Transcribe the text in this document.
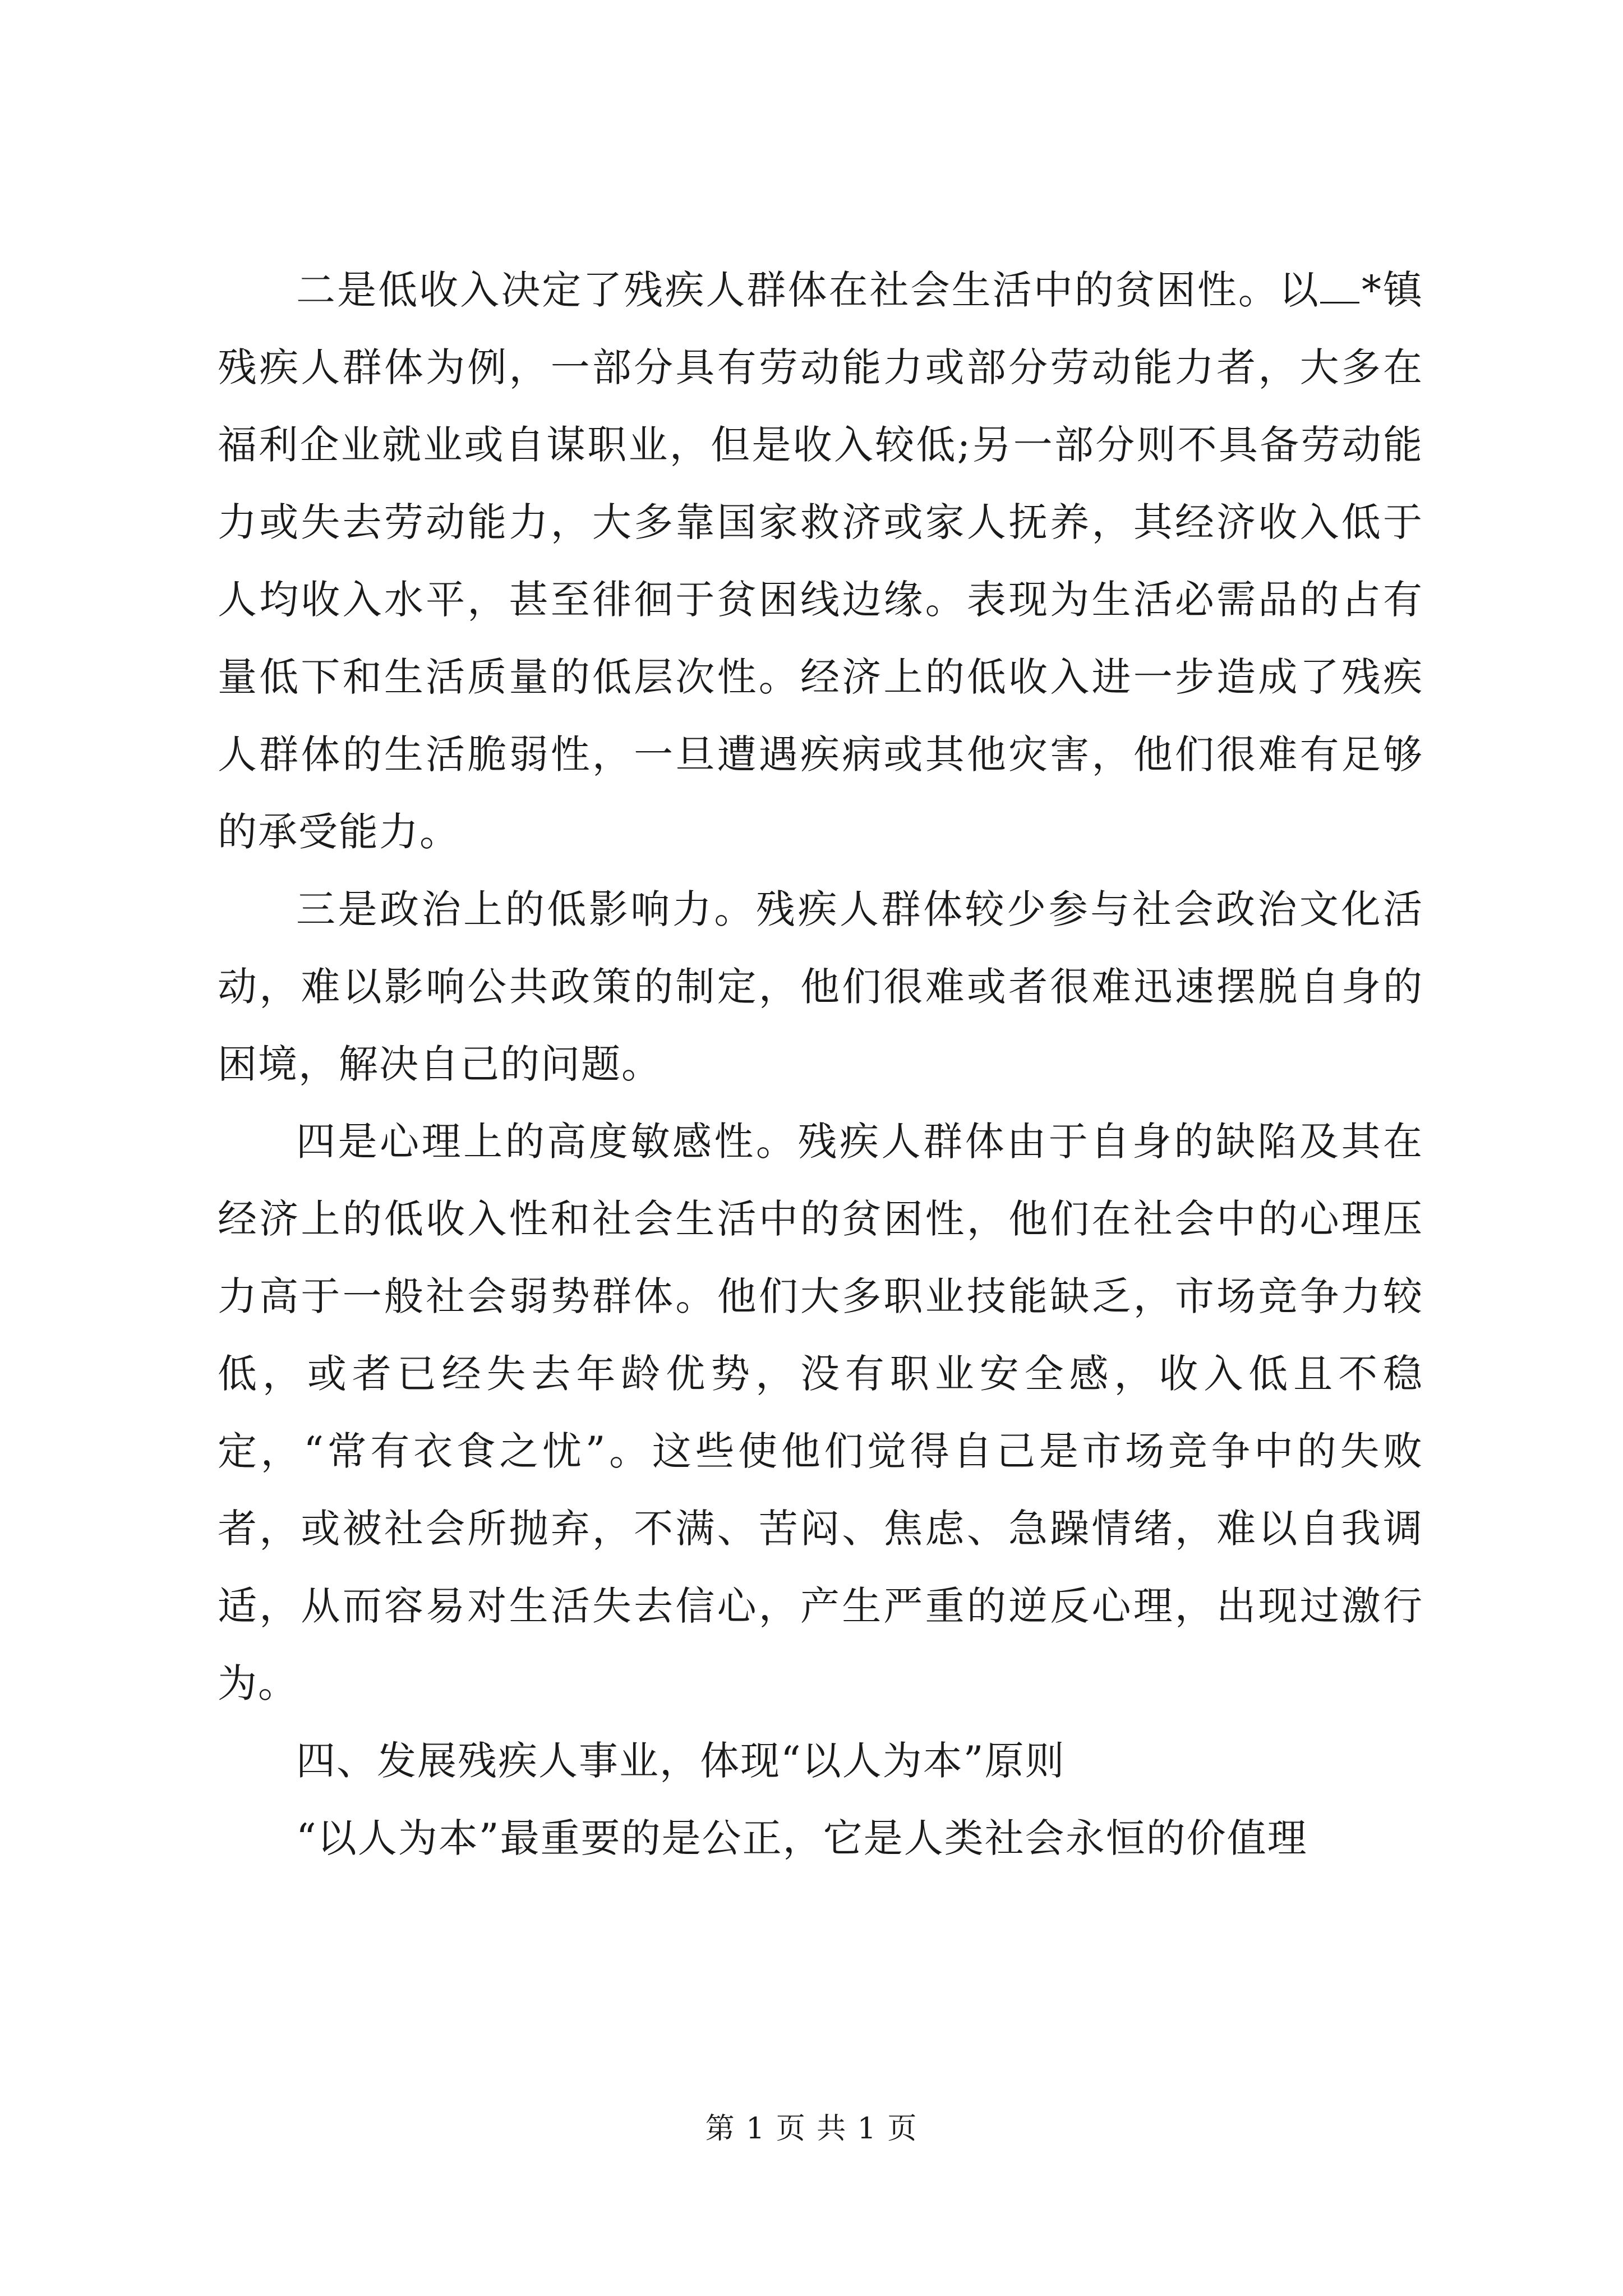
二是低收入决定了残疾人群体在社会生活中的贫困性。以 *镇残疾人群体为例，一部分具有劳动能力或部分劳动能力者，大多在福利企业就业或自谋职业，但是收入较低;另一部分则不具备劳动能力或失去劳动能力，大多靠国家救济或家人抚养，其经济收入低于人均收入水平，甚至徘徊于贫困线边缘。表现为生活必需品的占有量低下和生活质量的低层次性。经济上的低收入进一步造成了残疾人群体的生活脆弱性，一旦遭遇疾病或其他灾害，他们很难有足够的承受能力。

三是政治上的低影响力。残疾人群体较少参与社会政治文化活动，难以影响公共政策的制定，他们很难或者很难迅速摆脱自身的困境，解决自己的问题。

四是心理上的高度敏感性。残疾人群体由于自身的缺陷及其在经济上的低收入性和社会生活中的贫困性，他们在社会中的心理压力高于一般社会弱势群体。他们大多职业技能缺乏，市场竞争力较低，或者已经失去年龄优势，没有职业安全感，收入低且不稳定，“常有衣食之忧”。这些使他们觉得自己是市场竞争中的失败者，或被社会所抛弃，不满、苦闷、焦虑、急躁情绪，难以自我调适，从而容易对生活失去信心，产生严重的逆反心理，出现过激行为。

四、发展残疾人事业，体现“以人为本”原则

“以人为本”最重要的是公正，它是人类社会永恒的价值理

第 1 页 共 1 页
